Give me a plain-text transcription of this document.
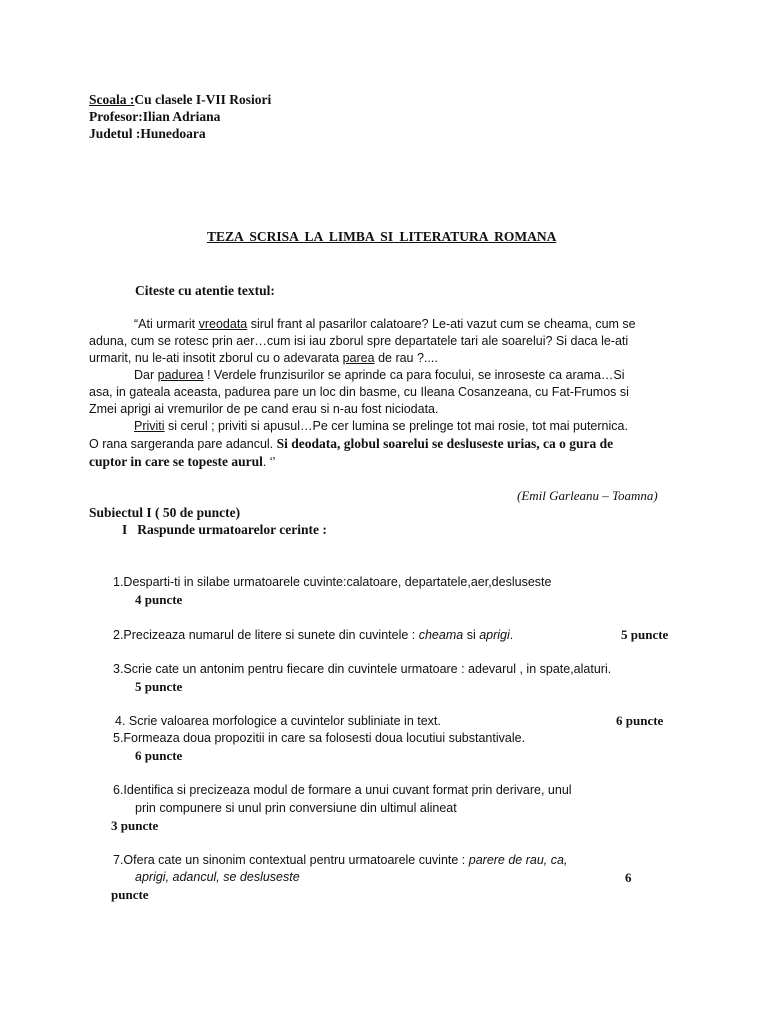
Scoala :Cu clasele I-VII Rosiori
Profesor:Ilian Adriana
Judetul :Hunedoara
TEZA SCRISA LA LIMBA SI LITERATURA ROMANA
Citeste cu atentie textul:
“Ati urmarit vreodata sirul frant al pasarilor calatoare? Le-ati vazut cum se cheama, cum se
aduna, cum se rotesc prin aer…cum isi iau zborul spre departatele tari ale soarelui? Si daca le-ati
urmarit, nu le-ati insotit zborul cu o adevarata parea de rau ?....
Dar padurea ! Verdele frunzisurilor se aprinde ca para focului, se inroseste ca arama…Si
asa, in gateala aceasta, padurea pare un loc din basme, cu Ileana Cosanzeana, cu Fat-Frumos si
Zmei aprigi ai vremurilor de pe cand erau si n-au fost niciodata.
Priviti si cerul ; priviti si apusul…Pe cer lumina se prelinge tot mai rosie, tot mai puternica.
O rana sargeranda pare adancul. Si deodata, globul soarelui se desluseste urias, ca o gura de
cuptor in care se topeste aurul. ‘’
(Emil Garleanu – Toamna)
Subiectul I ( 50 de puncte)
I Raspunde urmatoarelor cerinte :
1.Desparti-ti in silabe urmatoarele cuvinte:calatoare, departatele,aer,desluseste
4 puncte
2.Precizeaza numarul de litere si sunete din cuvintele : cheama si aprigi.	5 puncte
3.Scrie cate un antonim pentru fiecare din cuvintele urmatoare : adevarul , in spate,alaturi.
5 puncte
4. Scrie valoarea morfologice a cuvintelor subliniate in text.	6 puncte
5.Formeaza doua propozitii in care sa folosesti doua locutiui substantivale.
6 puncte
6.Identifica si precizeaza modul de formare a unui cuvant format prin derivare, unul
prin compunere si unul prin conversiune din ultimul alineat
3 puncte
7.Ofera cate un sinonim contextual pentru urmatoarele cuvinte : parere de rau, ca,
aprigi, adancul, se desluseste	6
puncte
